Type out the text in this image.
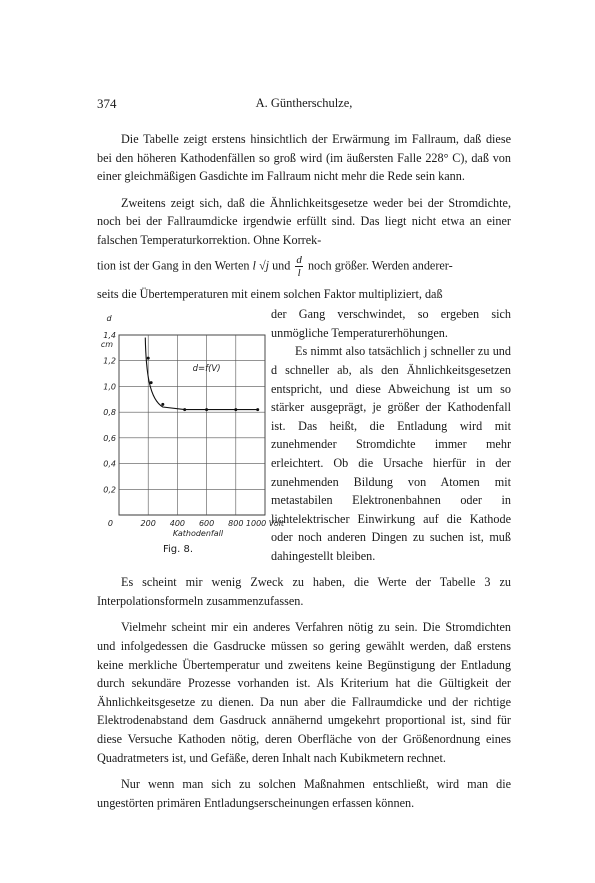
374	A. Güntherschulze,

Die Tabelle zeigt erstens hinsichtlich der Erwärmung im Fallraum, daß diese bei den höheren Kathodenfällen so groß wird (im äußersten Falle 228° C), daß von einer gleichmäßigen Gasdichte im Fallraum nicht mehr die Rede sein kann.

Zweitens zeigt sich, daß die Ähnlichkeitsgesetze weder bei der Stromdichte, noch bei der Fallraumdicke irgendwie erfüllt sind. Das liegt nicht etwa an einer falschen Temperaturkorrektion. Ohne Korrek-

tion ist der Gang in den Werten l √j und $\frac{d}{l}$ noch größer. Werden anderer-

seits die Übertemperaturen mit einem solchen Faktor multipliziert, daß

0,2
0,4
0,6
0,8
1,0
1,2
1,4
0	200 400 600 800 1000 Volt
d
cm
Kathodenfall
d=f(V)
Fig. 8.

der Gang verschwindet, so ergeben sich unmögliche Temperaturerhöhungen.

Es nimmt also tatsächlich j schneller zu und d schneller ab, als den Ähnlichkeitsgesetzen entspricht, und diese Abweichung ist um so stärker ausgeprägt, je größer der Kathodenfall ist. Das heißt, die Entladung wird mit zunehmender Stromdichte immer mehr erleichtert. Ob die Ursache hierfür in der zunehmenden Bildung von Atomen mit metastabilen Elektronenbahnen oder in lichtelektrischer Einwirkung auf die Kathode oder noch anderen Dingen zu suchen ist, muß dahingestellt bleiben.

Es scheint mir wenig Zweck zu haben, die Werte der Tabelle 3 zu Interpolationsformeln zusammenzufassen.

Vielmehr scheint mir ein anderes Verfahren nötig zu sein. Die Stromdichten und infolgedessen die Gasdrucke müssen so gering gewählt werden, daß erstens keine merkliche Übertemperatur und zweitens keine Begünstigung der Entladung durch sekundäre Prozesse vorhanden ist. Als Kriterium hat die Gültigkeit der Ähnlichkeitsgesetze zu dienen. Da nun aber die Fallraumdicke und der richtige Elektrodenabstand dem Gasdruck annähernd umgekehrt proportional ist, sind für diese Versuche Kathoden nötig, deren Oberfläche von der Größenordnung eines Quadratmeters ist, und Gefäße, deren Inhalt nach Kubikmetern rechnet.

Nur wenn man sich zu solchen Maßnahmen entschließt, wird man die ungestörten primären Entladungserscheinungen erfassen können.
